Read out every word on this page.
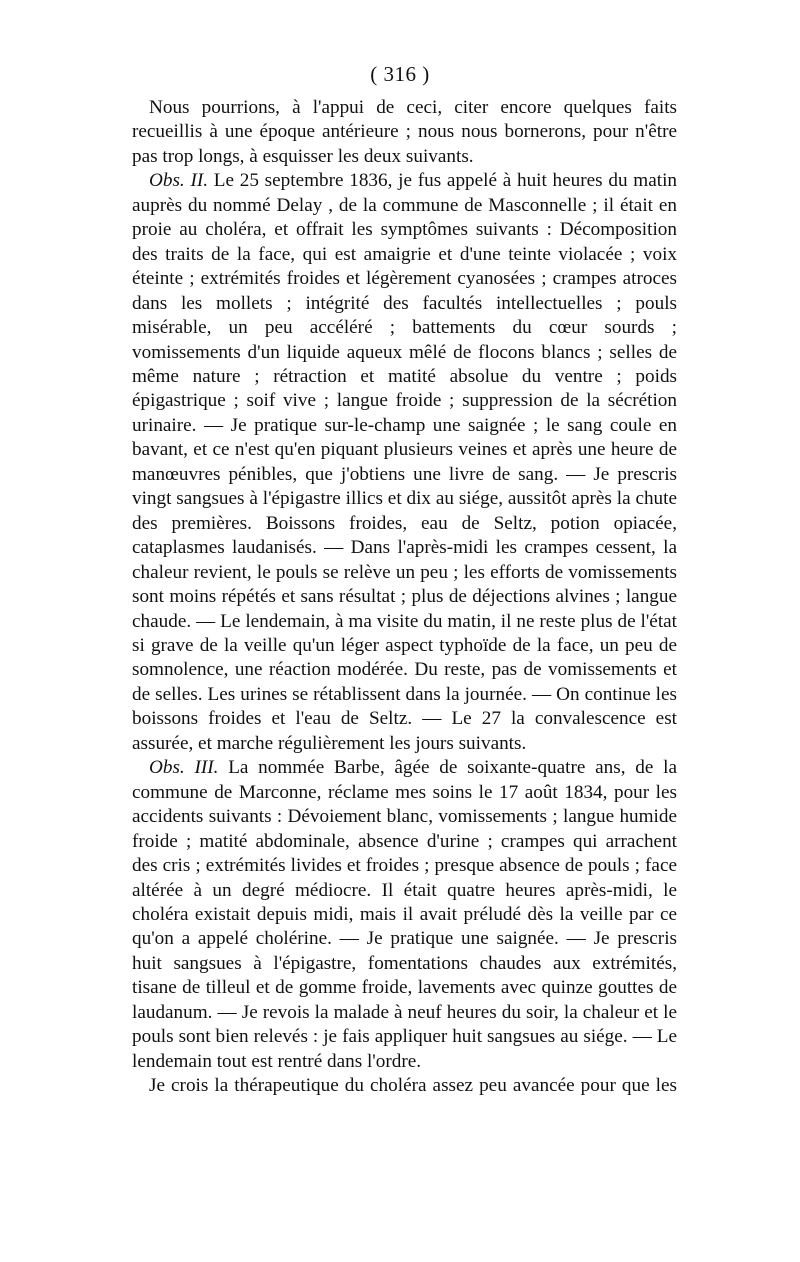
( 316 )

Nous pourrions, à l'appui de ceci, citer encore quelques faits recueillis à une époque antérieure ; nous nous bornerons, pour n'être pas trop longs, à esquisser les deux suivants.

Obs. II. Le 25 septembre 1836, je fus appelé à huit heures du matin auprès du nommé Delay , de la commune de Masconnelle ; il était en proie au choléra, et offrait les symptômes suivants : Décomposition des traits de la face, qui est amaigrie et d'une teinte violacée ; voix éteinte ; extrémités froides et légèrement cyanosées ; crampes atroces dans les mollets ; intégrité des facultés intellectuelles ; pouls misérable, un peu accéléré ; battements du cœur sourds ; vomissements d'un liquide aqueux mêlé de flocons blancs ; selles de même nature ; rétraction et matité absolue du ventre ; poids épigastrique ; soif vive ; langue froide ; suppression de la sécrétion urinaire. — Je pratique sur-le-champ une saignée ; le sang coule en bavant, et ce n'est qu'en piquant plusieurs veines et après une heure de manœuvres pénibles, que j'obtiens une livre de sang. — Je prescris vingt sangsues à l'épigastre illics et dix au siége, aussitôt après la chute des premières. Boissons froides, eau de Seltz, potion opiacée, cataplasmes laudanisés. — Dans l'après-midi les crampes cessent, la chaleur revient, le pouls se relève un peu ; les efforts de vomissements sont moins répétés et sans résultat ; plus de déjections alvines ; langue chaude. — Le lendemain, à ma visite du matin, il ne reste plus de l'état si grave de la veille qu'un léger aspect typhoïde de la face, un peu de somnolence, une réaction modérée. Du reste, pas de vomissements et de selles. Les urines se rétablissent dans la journée. — On continue les boissons froides et l'eau de Seltz. — Le 27 la convalescence est assurée, et marche régulièrement les jours suivants.

Obs. III. La nommée Barbe, âgée de soixante-quatre ans, de la commune de Marconne, réclame mes soins le 17 août 1834, pour les accidents suivants : Dévoiement blanc, vomissements ; langue humide froide ; matité abdominale, absence d'urine ; crampes qui arrachent des cris ; extrémités livides et froides ; presque absence de pouls ; face altérée à un degré médiocre. Il était quatre heures après-midi, le choléra existait depuis midi, mais il avait préludé dès la veille par ce qu'on a appelé cholérine. — Je pratique une saignée. — Je prescris huit sangsues à l'épigastre, fomentations chaudes aux extrémités, tisane de tilleul et de gomme froide, lavements avec quinze gouttes de laudanum. — Je revois la malade à neuf heures du soir, la chaleur et le pouls sont bien relevés : je fais appliquer huit sangsues au siége. — Le lendemain tout est rentré dans l'ordre.

Je crois la thérapeutique du choléra assez peu avancée pour que les
